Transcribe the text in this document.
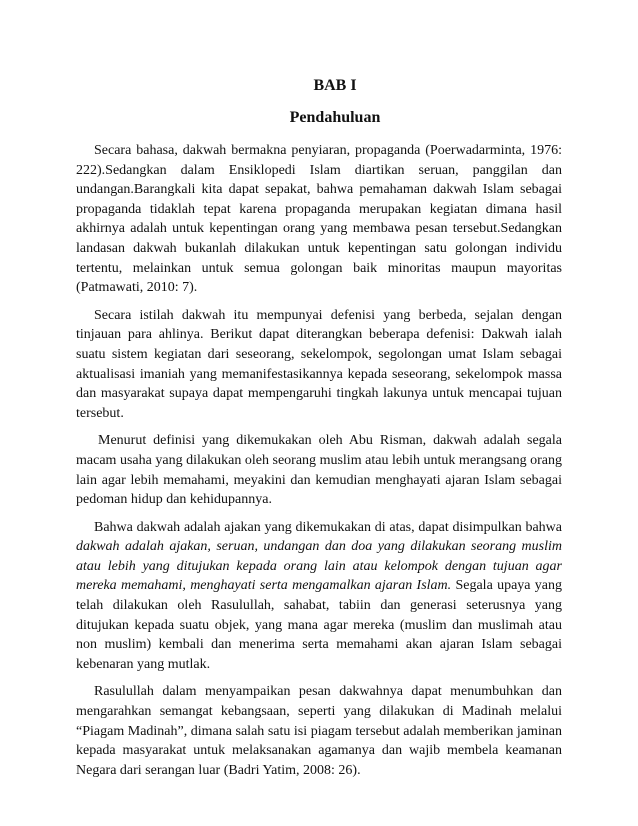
BAB I
Pendahuluan

Secara bahasa, dakwah bermakna penyiaran, propaganda (Poerwadarminta, 1976: 222).Sedangkan dalam Ensiklopedi Islam diartikan seruan, panggilan dan undangan.Barangkali kita dapat sepakat, bahwa pemahaman dakwah Islam sebagai propaganda tidaklah tepat karena propaganda merupakan kegiatan dimana hasil akhirnya adalah untuk kepentingan orang yang membawa pesan tersebut.Sedangkan landasan dakwah bukanlah dilakukan untuk kepentingan satu golongan individu tertentu, melainkan untuk semua golongan baik minoritas maupun mayoritas (Patmawati, 2010: 7).

Secara istilah dakwah itu mempunyai defenisi yang berbeda, sejalan dengan tinjauan para ahlinya. Berikut dapat diterangkan beberapa defenisi: Dakwah ialah suatu sistem kegiatan dari seseorang, sekelompok, segolongan umat Islam sebagai aktualisasi imaniah yang memanifestasikannya kepada seseorang, sekelompok massa dan masyarakat supaya dapat mempengaruhi tingkah lakunya untuk mencapai tujuan tersebut.

Menurut definisi yang dikemukakan oleh Abu Risman, dakwah adalah segala macam usaha yang dilakukan oleh seorang muslim atau lebih untuk merangsang orang lain agar lebih memahami, meyakini dan kemudian menghayati ajaran Islam sebagai pedoman hidup dan kehidupannya.

Bahwa dakwah adalah ajakan yang dikemukakan di atas, dapat disimpulkan bahwa dakwah adalah ajakan, seruan, undangan dan doa yang dilakukan seorang muslim atau lebih yang ditujukan kepada orang lain atau kelompok dengan tujuan agar mereka memahami, menghayati serta mengamalkan ajaran Islam. Segala upaya yang telah dilakukan oleh Rasulullah, sahabat, tabiin dan generasi seterusnya yang ditujukan kepada suatu objek, yang mana agar mereka (muslim dan muslimah atau non muslim) kembali dan menerima serta memahami akan ajaran Islam sebagai kebenaran yang mutlak.

Rasulullah dalam menyampaikan pesan dakwahnya dapat menumbuhkan dan mengarahkan semangat kebangsaan, seperti yang dilakukan di Madinah melalui “Piagam Madinah”, dimana salah satu isi piagam tersebut adalah memberikan jaminan kepada masyarakat untuk melaksanakan agamanya dan wajib membela keamanan Negara dari serangan luar (Badri Yatim, 2008: 26).
